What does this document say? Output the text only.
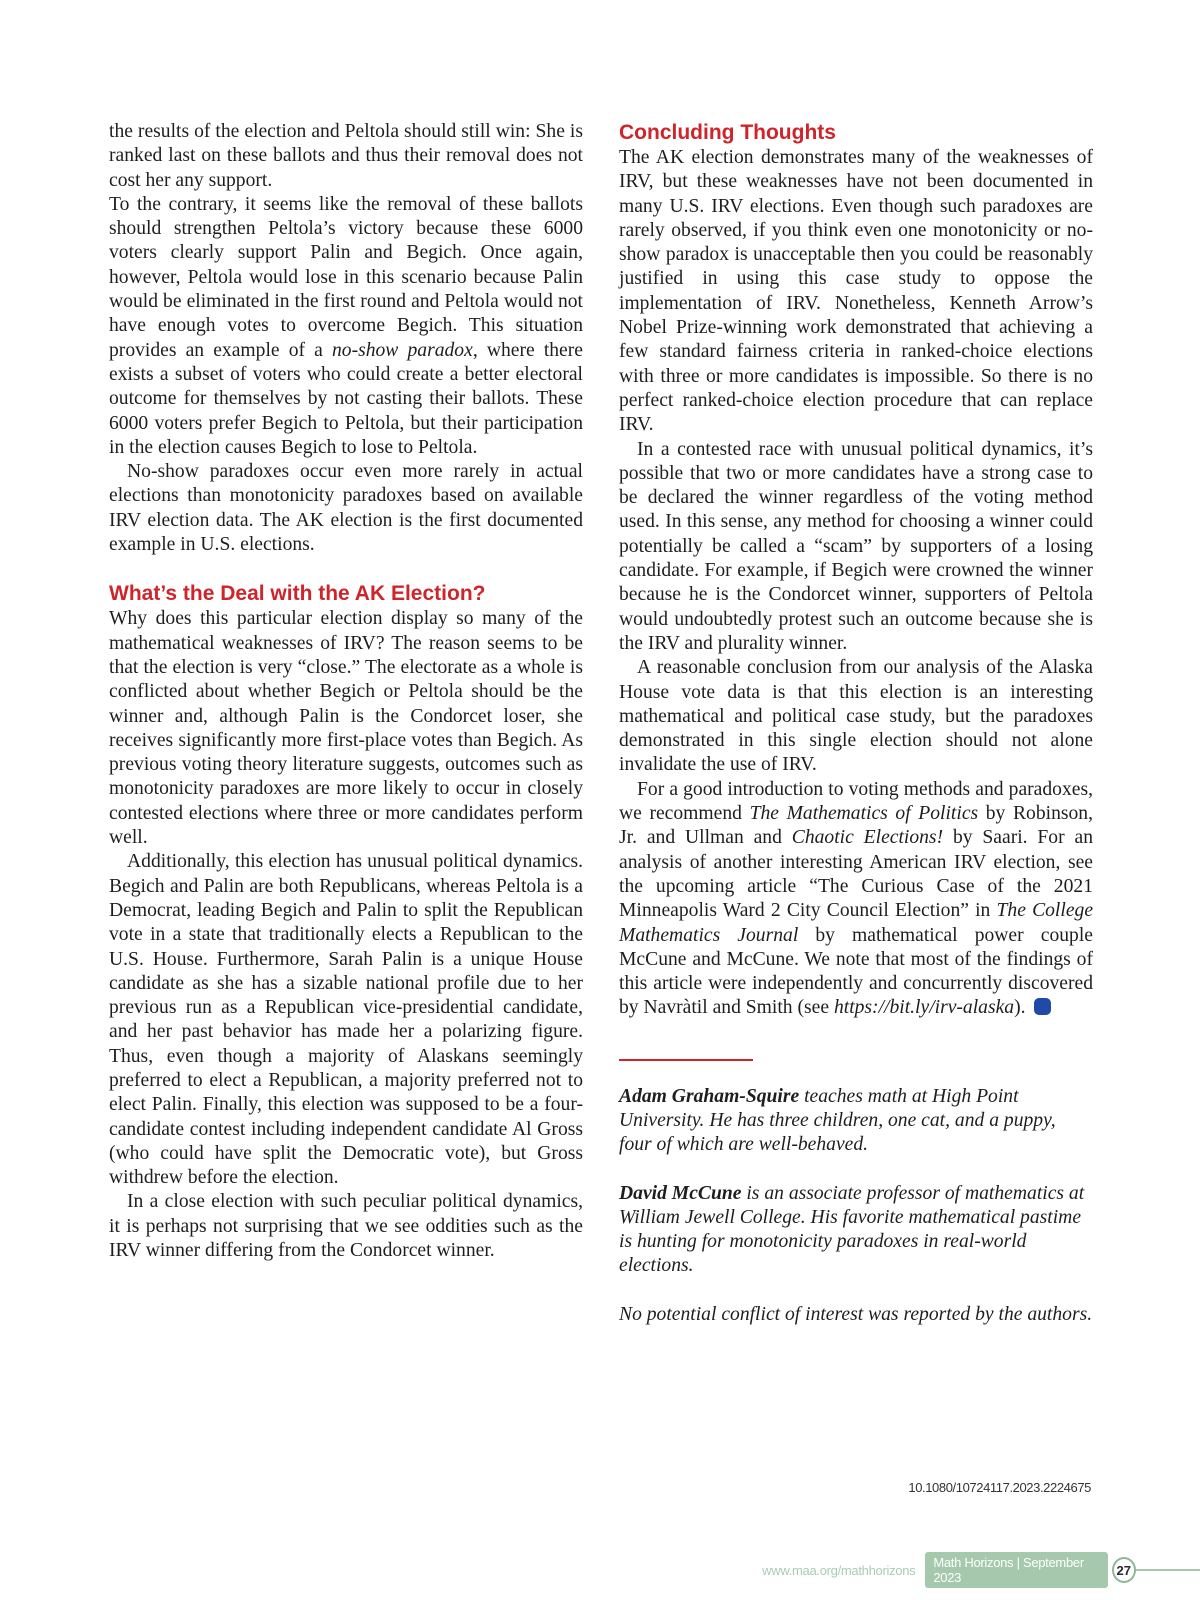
the results of the election and Peltola should still win: She is ranked last on these ballots and thus their removal does not cost her any support.

To the contrary, it seems like the removal of these ballots should strengthen Peltola’s victory because these 6000 voters clearly support Palin and Begich. Once again, however, Peltola would lose in this scenario because Palin would be eliminated in the first round and Peltola would not have enough votes to overcome Begich. This situation provides an example of a no-show paradox, where there exists a subset of voters who could create a better electoral outcome for themselves by not casting their ballots. These 6000 voters prefer Begich to Peltola, but their participation in the election causes Begich to lose to Peltola.

No-show paradoxes occur even more rarely in actual elections than monotonicity paradoxes based on available IRV election data. The AK election is the first documented example in U.S. elections.

What’s the Deal with the AK Election?

Why does this particular election display so many of the mathematical weaknesses of IRV? The reason seems to be that the election is very “close.” The electorate as a whole is conflicted about whether Begich or Peltola should be the winner and, although Palin is the Condorcet loser, she receives significantly more first-place votes than Begich. As previous voting theory literature suggests, outcomes such as monotonicity paradoxes are more likely to occur in closely contested elections where three or more candidates perform well.

Additionally, this election has unusual political dynamics. Begich and Palin are both Republicans, whereas Peltola is a Democrat, leading Begich and Palin to split the Republican vote in a state that traditionally elects a Republican to the U.S. House. Furthermore, Sarah Palin is a unique House candidate as she has a sizable national profile due to her previous run as a Republican vice-presidential candidate, and her past behavior has made her a polarizing figure. Thus, even though a majority of Alaskans seemingly preferred to elect a Republican, a majority preferred not to elect Palin. Finally, this election was supposed to be a four-candidate contest including independent candidate Al Gross (who could have split the Democratic vote), but Gross withdrew before the election.

In a close election with such peculiar political dynamics, it is perhaps not surprising that we see oddities such as the IRV winner differing from the Condorcet winner.

Concluding Thoughts

The AK election demonstrates many of the weaknesses of IRV, but these weaknesses have not been documented in many U.S. IRV elections. Even though such paradoxes are rarely observed, if you think even one monotonicity or no-show paradox is unacceptable then you could be reasonably justified in using this case study to oppose the implementation of IRV. Nonetheless, Kenneth Arrow’s Nobel Prize-winning work demonstrated that achieving a few standard fairness criteria in ranked-choice elections with three or more candidates is impossible. So there is no perfect ranked-choice election procedure that can replace IRV.

In a contested race with unusual political dynamics, it’s possible that two or more candidates have a strong case to be declared the winner regardless of the voting method used. In this sense, any method for choosing a winner could potentially be called a “scam” by supporters of a losing candidate. For example, if Begich were crowned the winner because he is the Condorcet winner, supporters of Peltola would undoubtedly protest such an outcome because she is the IRV and plurality winner.

A reasonable conclusion from our analysis of the Alaska House vote data is that this election is an interesting mathematical and political case study, but the paradoxes demonstrated in this single election should not alone invalidate the use of IRV.

For a good introduction to voting methods and paradoxes, we recommend The Mathematics of Politics by Robinson, Jr. and Ullman and Chaotic Elections! by Saari. For an analysis of another interesting American IRV election, see the upcoming article “The Curious Case of the 2021 Minneapolis Ward 2 City Council Election” in The College Mathematics Journal by mathematical power couple McCune and McCune. We note that most of the findings of this article were independently and concurrently discovered by Navràtil and Smith (see https://bit.ly/irv-alaska).

Adam Graham-Squire teaches math at High Point University. He has three children, one cat, and a puppy, four of which are well-behaved.

David McCune is an associate professor of mathematics at William Jewell College. His favorite mathematical pastime is hunting for monotonicity paradoxes in real-world elections.

No potential conflict of interest was reported by the authors.

10.1080/10724117.2023.2224675
www.maa.org/mathhorizons	Math Horizons | September 2023	27
